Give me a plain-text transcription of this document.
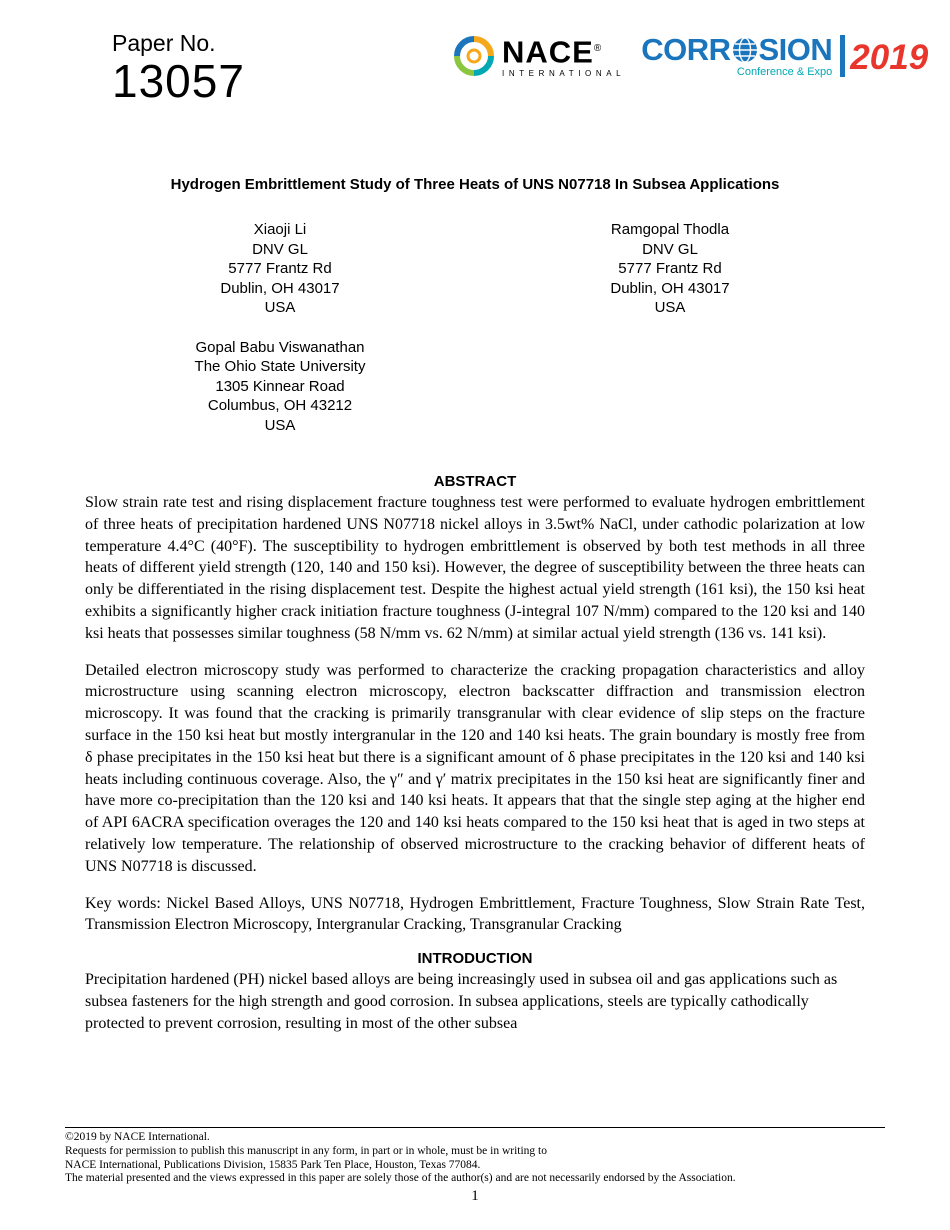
Paper No.
13057
NACE®
INTERNATIONAL
CORR SION
Conference & Expo 2019
Hydrogen Embrittlement Study of Three Heats of UNS N07718 In Subsea Applications
Xiaoji Li
DNV GL
5777 Frantz Rd
Dublin, OH 43017
USA
Ramgopal Thodla
DNV GL
5777 Frantz Rd
Dublin, OH 43017
USA
Gopal Babu Viswanathan
The Ohio State University
1305 Kinnear Road
Columbus, OH 43212
USA
ABSTRACT
Slow strain rate test and rising displacement fracture toughness test were performed to evaluate hydrogen embrittlement of three heats of precipitation hardened UNS N07718 nickel alloys in 3.5wt% NaCl, under cathodic polarization at low temperature 4.4°C (40°F). The susceptibility to hydrogen embrittlement is observed by both test methods in all three heats of different yield strength (120, 140 and 150 ksi). However, the degree of susceptibility between the three heats can only be differentiated in the rising displacement test. Despite the highest actual yield strength (161 ksi), the 150 ksi heat exhibits a significantly higher crack initiation fracture toughness (J-integral 107 N/mm) compared to the 120 ksi and 140 ksi heats that possesses similar toughness (58 N/mm vs. 62 N/mm) at similar actual yield strength (136 vs. 141 ksi).
Detailed electron microscopy study was performed to characterize the cracking propagation characteristics and alloy microstructure using scanning electron microscopy, electron backscatter diffraction and transmission electron microscopy. It was found that the cracking is primarily transgranular with clear evidence of slip steps on the fracture surface in the 150 ksi heat but mostly intergranular in the 120 and 140 ksi heats. The grain boundary is mostly free from δ phase precipitates in the 150 ksi heat but there is a significant amount of δ phase precipitates in the 120 ksi and 140 ksi heats including continuous coverage. Also, the γ″ and γ′ matrix precipitates in the 150 ksi heat are significantly finer and have more co-precipitation than the 120 ksi and 140 ksi heats. It appears that that the single step aging at the higher end of API 6ACRA specification overages the 120 and 140 ksi heats compared to the 150 ksi heat that is aged in two steps at relatively low temperature. The relationship of observed microstructure to the cracking behavior of different heats of UNS N07718 is discussed.
Key words: Nickel Based Alloys, UNS N07718, Hydrogen Embrittlement, Fracture Toughness, Slow Strain Rate Test, Transmission Electron Microscopy, Intergranular Cracking, Transgranular Cracking
INTRODUCTION
Precipitation hardened (PH) nickel based alloys are being increasingly used in subsea oil and gas applications such as subsea fasteners for the high strength and good corrosion. In subsea applications, steels are typically cathodically protected to prevent corrosion, resulting in most of the other subsea
©2019 by NACE International.
Requests for permission to publish this manuscript in any form, in part or in whole, must be in writing to
NACE International, Publications Division, 15835 Park Ten Place, Houston, Texas 77084.
The material presented and the views expressed in this paper are solely those of the author(s) and are not necessarily endorsed by the Association.
1
